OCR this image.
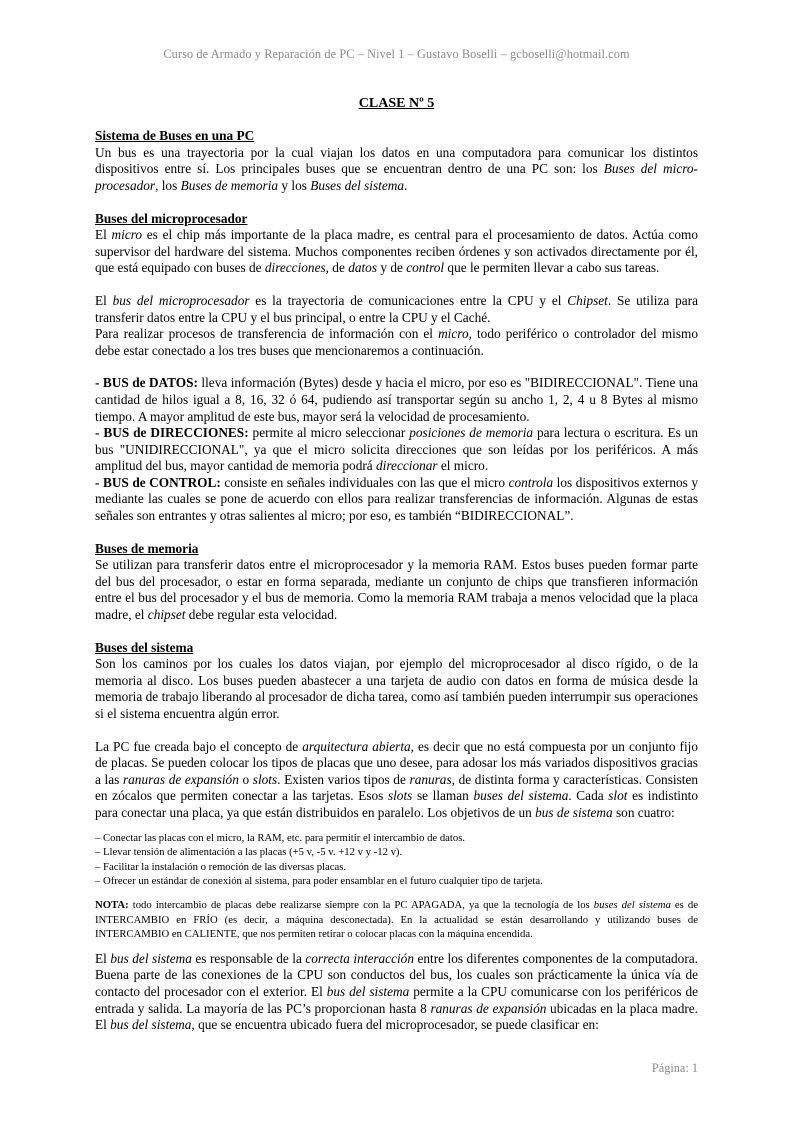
Curso de Armado y Reparación de PC – Nivel 1 – Gustavo Boselli – gcboselli@hotmail.com
CLASE Nº 5
Sistema de Buses en una PC

Un bus es una trayectoria por la cual viajan los datos en una computadora para comunicar los distintos dispositivos entre sí. Los principales buses que se encuentran dentro de una PC son: los Buses del micro-procesador, los Buses de memoria y los Buses del sistema.

Buses del microprocesador

El micro es el chip más importante de la placa madre, es central para el procesamiento de datos. Actúa como supervisor del hardware del sistema. Muchos componentes reciben órdenes y son activados directamente por él, que está equipado con buses de direcciones, de datos y de control que le permiten llevar a cabo sus tareas.

El bus del microprocesador es la trayectoria de comunicaciones entre la CPU y el Chipset. Se utiliza para transferir datos entre la CPU y el bus principal, o entre la CPU y el Caché.

Para realizar procesos de transferencia de información con el micro, todo periférico o controlador del mismo debe estar conectado a los tres buses que mencionaremos a continuación.

- BUS de DATOS: lleva información (Bytes) desde y hacia el micro, por eso es "BIDIRECCIONAL". Tiene una cantidad de hilos igual a 8, 16, 32 ó 64, pudiendo así transportar según su ancho 1, 2, 4 u 8 Bytes al mismo tiempo. A mayor amplitud de este bus, mayor será la velocidad de procesamiento.

- BUS de DIRECCIONES: permite al micro seleccionar posiciones de memoria para lectura o escritura. Es un bus "UNIDIRECCIONAL", ya que el micro solicita direcciones que son leídas por los periféricos. A más amplitud del bus, mayor cantidad de memoria podrá direccionar el micro.

- BUS de CONTROL: consiste en señales individuales con las que el micro controla los dispositivos externos y mediante las cuales se pone de acuerdo con ellos para realizar transferencias de información. Algunas de estas señales son entrantes y otras salientes al micro; por eso, es también “BIDIRECCIONAL”.

Buses de memoria

Se utilizan para transferir datos entre el microprocesador y la memoria RAM. Estos buses pueden formar parte del bus del procesador, o estar en forma separada, mediante un conjunto de chips que transfieren información entre el bus del procesador y el bus de memoria. Como la memoria RAM trabaja a menos velocidad que la placa madre, el chipset debe regular esta velocidad.

Buses del sistema

Son los caminos por los cuales los datos viajan, por ejemplo del microprocesador al disco rígido, o de la memoria al disco. Los buses pueden abastecer a una tarjeta de audio con datos en forma de música desde la memoria de trabajo liberando al procesador de dicha tarea, como así también pueden interrumpir sus operaciones si el sistema encuentra algún error.

La PC fue creada bajo el concepto de arquitectura abierta, es decir que no está compuesta por un conjunto fijo de placas. Se pueden colocar los tipos de placas que uno desee, para adosar los más variados dispositivos gracias a las ranuras de expansión o slots. Existen varios tipos de ranuras, de distinta forma y características. Consisten en zócalos que permiten conectar a las tarjetas. Esos slots se llaman buses del sistema. Cada slot es indistinto para conectar una placa, ya que están distribuidos en paralelo. Los objetivos de un bus de sistema son cuatro:

– Conectar las placas con el micro, la RAM, etc. para permitir el intercambio de datos.
– Llevar tensión de alimentación a las placas (+5 v, -5 v. +12 v y -12 v).
– Facilitar la instalación o remoción de las diversas placas.
– Ofrecer un estándar de conexión al sistema, para poder ensamblar en el futuro cualquier tipo de tarjeta.

NOTA: todo intercambio de placas debe realizarse siempre con la PC APAGADA, ya que la tecnología de los buses del sistema es de INTERCAMBIO en FRÍO (es decir, a máquina desconectada). En la actualidad se están desarrollando y utilizando buses de INTERCAMBIO en CALIENTE, que nos permiten retirar o colocar placas con la máquina encendida.

El bus del sistema es responsable de la correcta interacción entre los diferentes componentes de la computadora. Buena parte de las conexiones de la CPU son conductos del bus, los cuales son prácticamente la única vía de contacto del procesador con el exterior. El bus del sistema permite a la CPU comunicarse con los periféricos de entrada y salida. La mayoría de las PC’s proporcionan hasta 8 ranuras de expansión ubicadas en la placa madre. El bus del sistema, que se encuentra ubicado fuera del microprocesador, se puede clasificar en:

Página: 1
